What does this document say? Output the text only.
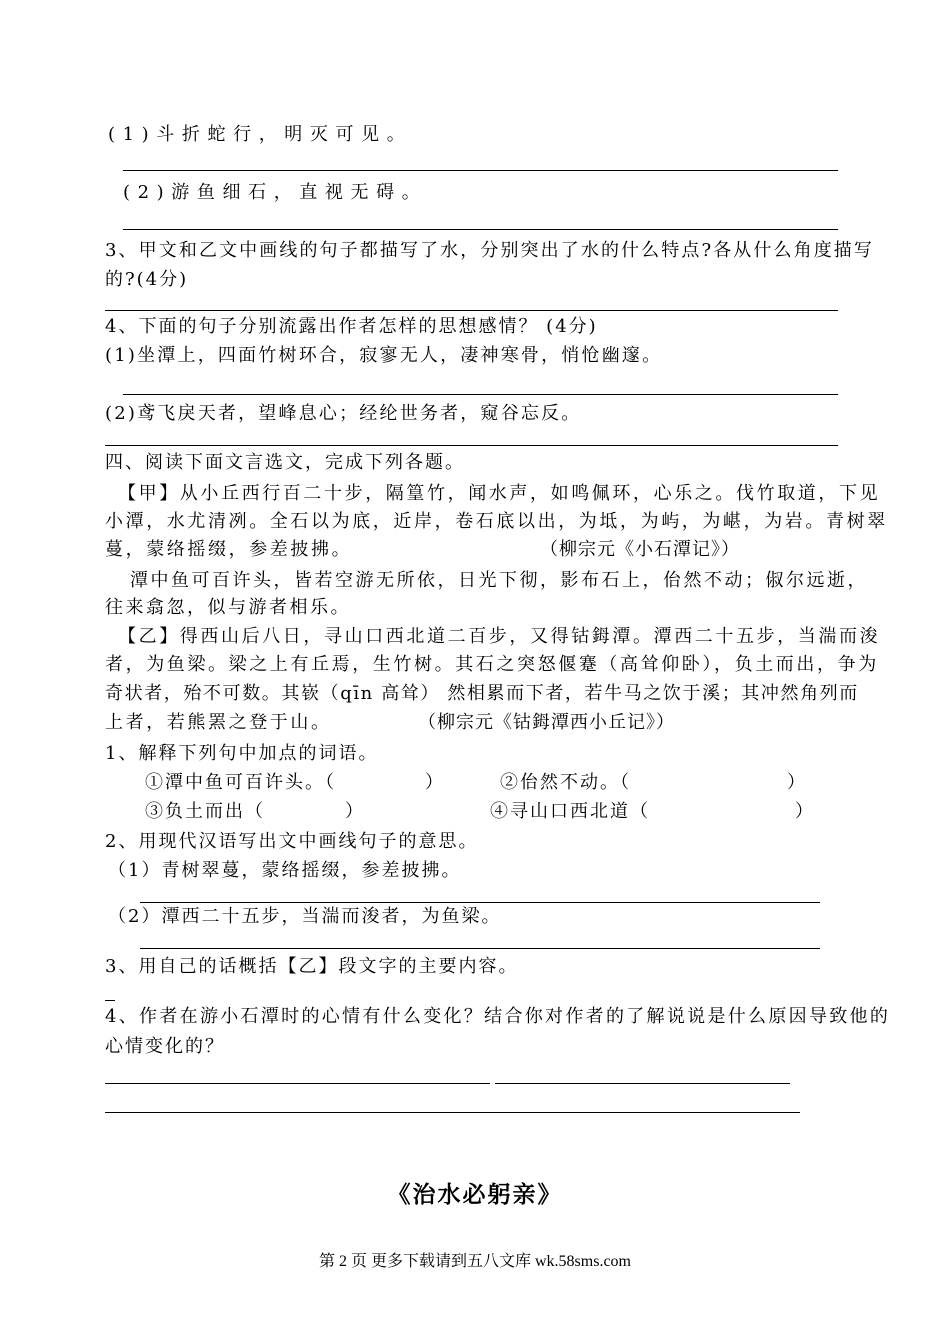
(1)斗折蛇行，明灭可见。
(2)游鱼细石，直视无碍。
3、甲文和乙文中画线的句子都描写了水，分别突出了水的什么特点?各从什么角度描写
的?(4分)
4、下面的句子分别流露出作者怎样的思想感情？ (4分)
(1)坐潭上，四面竹树环合，寂寥无人，凄神寒骨，悄怆幽邃。
(2)鸢飞戾天者，望峰息心；经纶世务者，窥谷忘反。
四、阅读下面文言选文，完成下列各题。
【甲】从小丘西行百二十步，隔篁竹，闻水声，如鸣佩环，心乐之。伐竹取道，下见
小潭，水尤清冽。全石以为底，近岸，卷石底以出，为坻，为屿，为嵁，为岩。青树翠
蔓，蒙络摇缀，参差披拂。	（柳宗元《小石潭记》）
潭中鱼可百许头，皆若空游无所依，日光下彻，影布石上，佁然不动；俶尔远逝，
往来翕忽，似与游者相乐。
【乙】得西山后八日，寻山口西北道二百步，又得钴鉧潭。潭西二十五步，当湍而浚
者，为鱼梁。梁之上有丘焉，生竹树。其石之突怒偃蹇（高耸仰卧），负土而出，争为
奇状者，殆不可数。其嵚（qīn 高耸） 然相累而下者，若牛马之饮于溪；其冲然角列而
上者，若熊罴之登于山。	（柳宗元《钴鉧潭西小丘记》）
1、解释下列句中加点的词语。
①潭中鱼可百许头。（	）	②佁然不动。（	）
③负土而出（	）	④寻山口西北道（	）
2、用现代汉语写出文中画线句子的意思。
（1）青树翠蔓，蒙络摇缀，参差披拂。
（2）潭西二十五步，当湍而浚者，为鱼梁。
3、用自己的话概括【乙】段文字的主要内容。
4、作者在游小石潭时的心情有什么变化？结合你对作者的了解说说是什么原因导致他的
心情变化的？
《治水必躬亲》
第 2 页 更多下载请到五八文库 wk.58sms.com
